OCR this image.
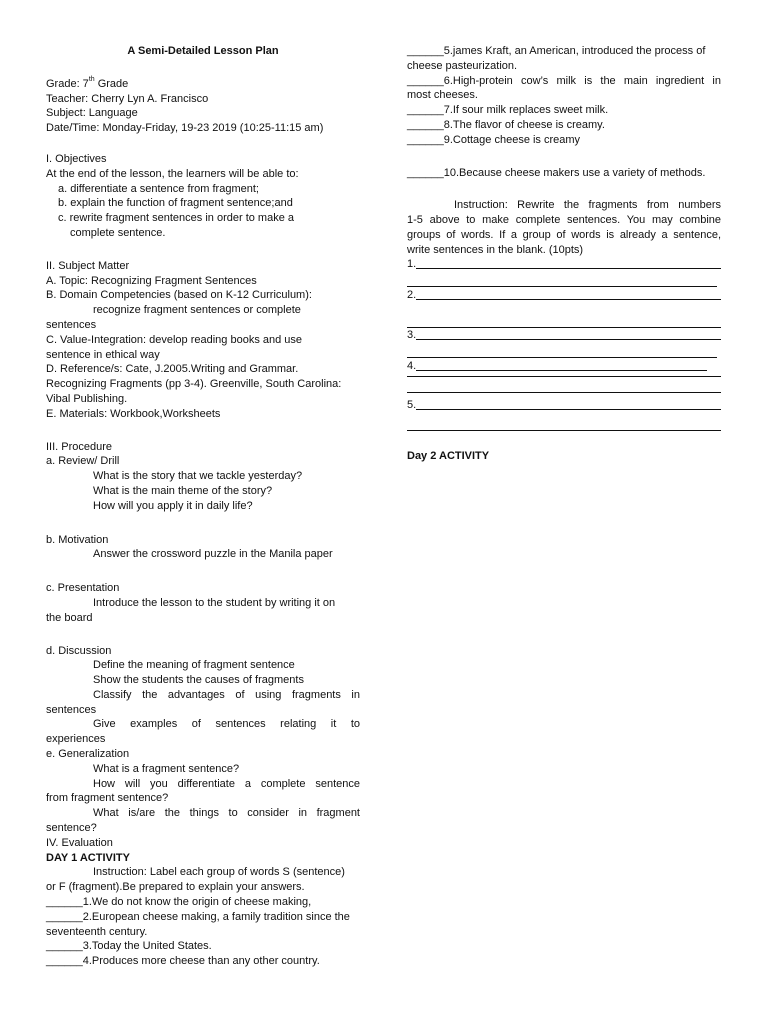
A Semi-Detailed Lesson Plan
Grade: 7th Grade
Teacher: Cherry Lyn A. Francisco
Subject: Language
Date/Time: Monday-Friday, 19-23 2019 (10:25-11:15 am)
I. Objectives
At the end of the lesson, the learners will be able to:
a. differentiate a sentence from fragment;
b. explain the function of fragment sentence;and
c. rewrite fragment sentences in order to make a
complete sentence.
II. Subject Matter
A. Topic: Recognizing Fragment Sentences
B. Domain Competencies (based on K-12 Curriculum):
recognize fragment sentences or complete
sentences
C. Value-Integration: develop reading books and use
sentence in ethical way
D. Reference/s: Cate, J.2005.Writing and Grammar.
Recognizing Fragments (pp 3-4). Greenville, South Carolina:
Vibal Publishing.
E. Materials: Workbook,Worksheets
III. Procedure
a. Review/ Drill
What is the story that we tackle yesterday?
What is the main theme of the story?
How will you apply it in daily life?
b. Motivation
Answer the crossword puzzle in the Manila paper
c. Presentation
Introduce the lesson to the student by writing it on
the board
d. Discussion
Define the meaning of fragment sentence
Show the students the causes of fragments
Classify the advantages of using fragments in
sentences
Give examples of sentences relating it to
experiences
e. Generalization
What is a fragment sentence?
How will you differentiate a complete sentence
from fragment sentence?
What is/are the things to consider in fragment
sentence?
IV. Evaluation
DAY 1 ACTIVITY
Instruction: Label each group of words S (sentence)
or F (fragment).Be prepared to explain your answers.
______1.We do not know the origin of cheese making,
______2.European cheese making, a family tradition since the
seventeenth century.
______3.Today the United States.
______4.Produces more cheese than any other country.
______5.james Kraft, an American, introduced the process of
cheese pasteurization.
______6.High-protein cow’s milk is the main ingredient in
most cheeses.
______7.If sour milk replaces sweet milk.
______8.The flavor of cheese is creamy.
______9.Cottage cheese is creamy
______10.Because cheese makers use a variety of methods.
Instruction: Rewrite the fragments from numbers
1-5 above to make complete sentences. You may combine
groups of words. If a group of words is already a sentence,
write sentences in the blank. (10pts)
1.
2.
3.
4.
5.
Day 2 ACTIVITY
